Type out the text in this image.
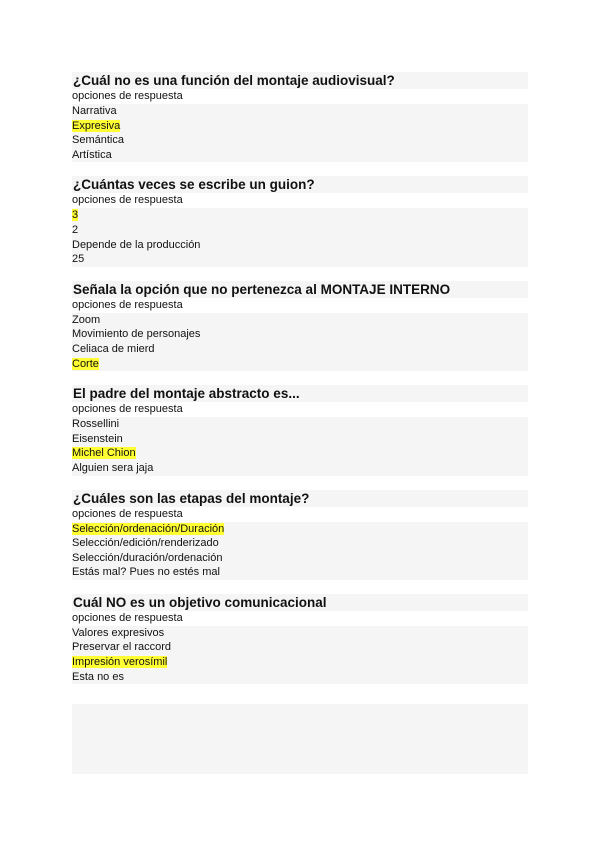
¿Cuál no es una función del montaje audiovisual?
opciones de respuesta
Narrativa
Expresiva
Semántica
Artística
¿Cuántas veces se escribe un guion?
opciones de respuesta
3
2
Depende de la producción
25
Señala la opción que no pertenezca al MONTAJE INTERNO
opciones de respuesta
Zoom
Movimiento de personajes
Celiaca de mierd
Corte
El padre del montaje abstracto es...
opciones de respuesta
Rossellini
Eisenstein
Michel Chion
Alguien sera jaja
¿Cuáles son las etapas del montaje?
opciones de respuesta
Selección/ordenación/Duración
Selección/edición/renderizado
Selección/duración/ordenación
Estás mal? Pues no estés mal
Cuál NO es un objetivo comunicacional
opciones de respuesta
Valores expresivos
Preservar el raccord
Impresión verosímil
Esta no es
